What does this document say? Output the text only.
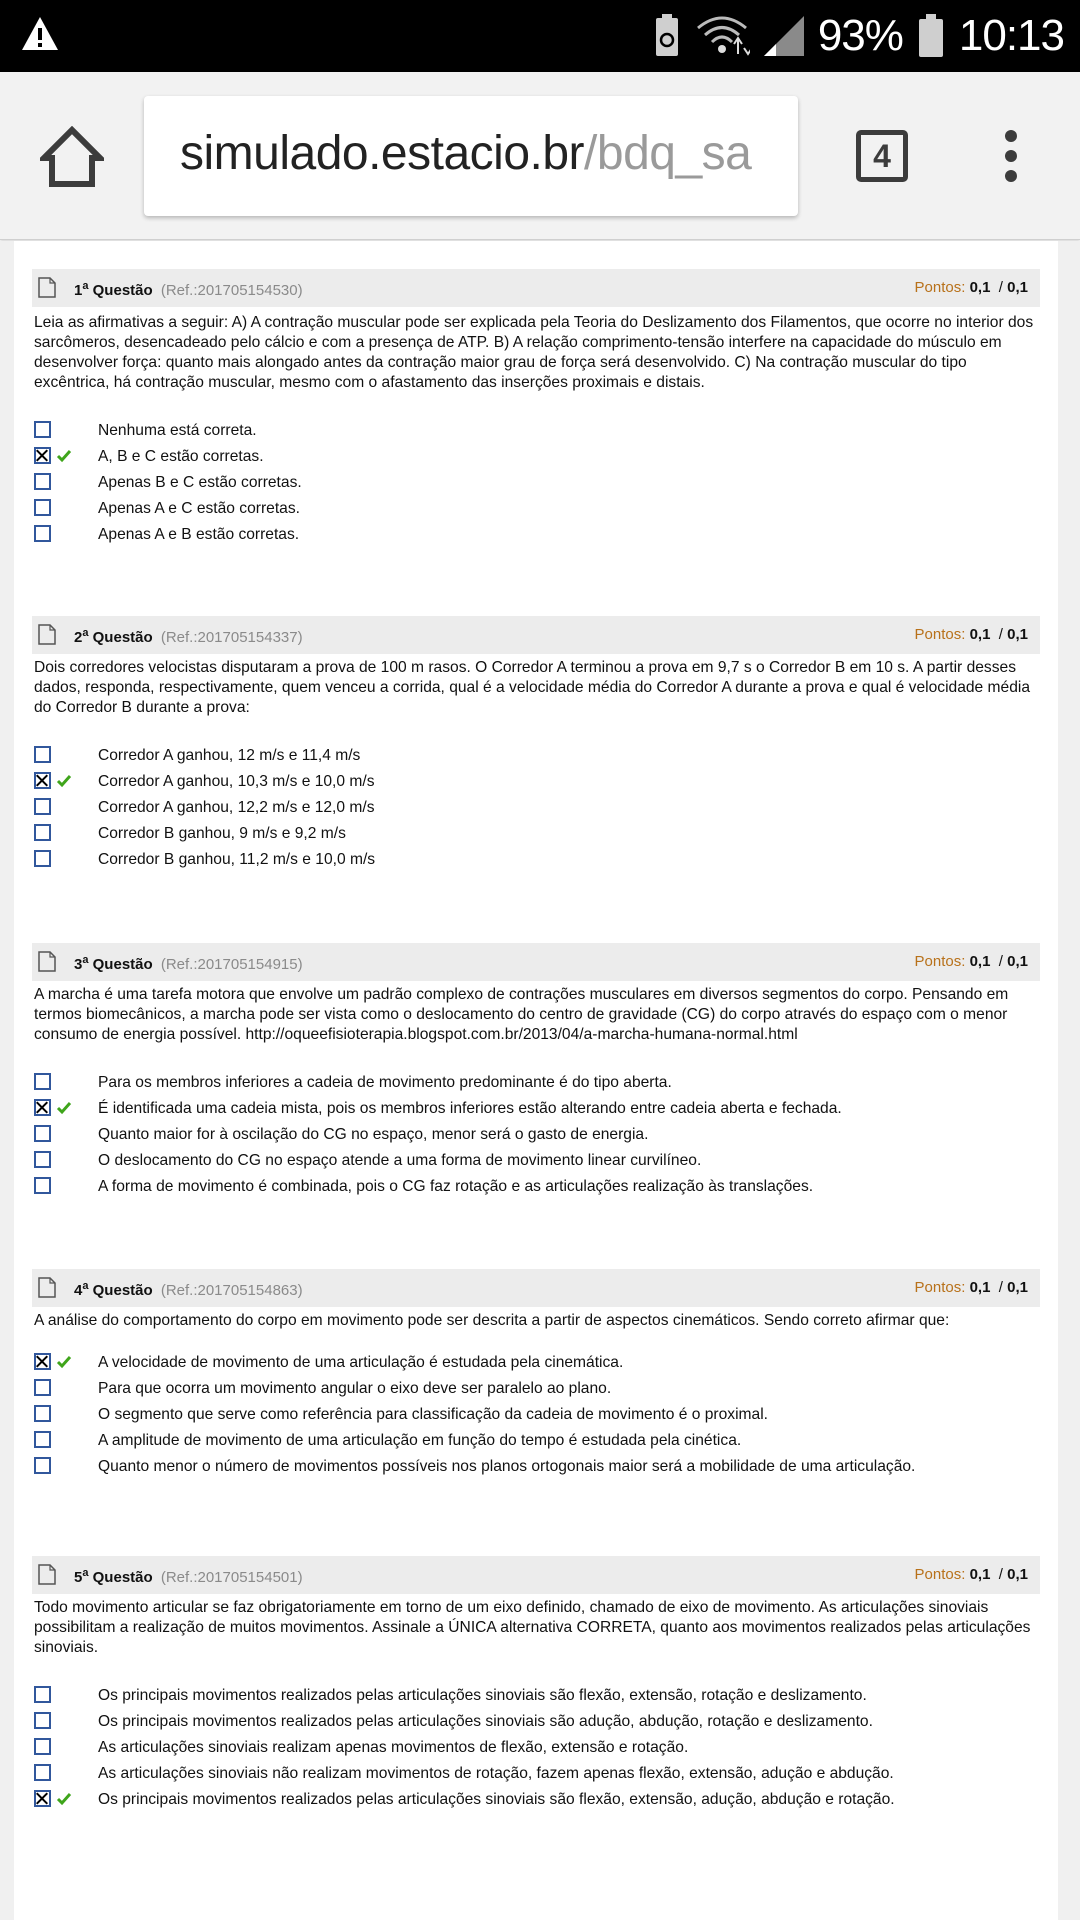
93% 10:13
simulado.estacio.br/bdq_sa	4
1$^a$ Questão (Ref.:201705154530)	Pontos: 0,1 / 0,1
Leia as afirmativas a seguir: A) A contração muscular pode ser explicada pela Teoria do Deslizamento dos Filamentos, que ocorre no interior dos sarcômeros, desencadeado pelo cálcio e com a presença de ATP. B) A relação comprimento-tensão interfere na capacidade do músculo em desenvolver força: quanto mais alongado antes da contração maior grau de força será desenvolvido. C) Na contração muscular do tipo excêntrica, há contração muscular, mesmo com o afastamento das inserções proximais e distais.
Nenhuma está correta.
A, B e C estão corretas.
Apenas B e C estão corretas.
Apenas A e C estão corretas.
Apenas A e B estão corretas.
2$^a$ Questão (Ref.:201705154337)	Pontos: 0,1 / 0,1
Dois corredores velocistas disputaram a prova de 100 m rasos. O Corredor A terminou a prova em 9,7 s o Corredor B em 10 s. A partir desses dados, responda, respectivamente, quem venceu a corrida, qual é a velocidade média do Corredor A durante a prova e qual é velocidade média do Corredor B durante a prova:
Corredor A ganhou, 12 m/s e 11,4 m/s
Corredor A ganhou, 10,3 m/s e 10,0 m/s
Corredor A ganhou, 12,2 m/s e 12,0 m/s
Corredor B ganhou, 9 m/s e 9,2 m/s
Corredor B ganhou, 11,2 m/s e 10,0 m/s
3$^a$ Questão (Ref.:201705154915)	Pontos: 0,1 / 0,1
A marcha é uma tarefa motora que envolve um padrão complexo de contrações musculares em diversos segmentos do corpo. Pensando em termos biomecânicos, a marcha pode ser vista como o deslocamento do centro de gravidade (CG) do corpo através do espaço com o menor consumo de energia possível. http://oqueefisioterapia.blogspot.com.br/2013/04/a-marcha-humana-normal.html
Para os membros inferiores a cadeia de movimento predominante é do tipo aberta.
É identificada uma cadeia mista, pois os membros inferiores estão alterando entre cadeia aberta e fechada.
Quanto maior for à oscilação do CG no espaço, menor será o gasto de energia.
O deslocamento do CG no espaço atende a uma forma de movimento linear curvilíneo.
A forma de movimento é combinada, pois o CG faz rotação e as articulações realização às translações.
4$^a$ Questão (Ref.:201705154863)	Pontos: 0,1 / 0,1
A análise do comportamento do corpo em movimento pode ser descrita a partir de aspectos cinemáticos. Sendo correto afirmar que:
A velocidade de movimento de uma articulação é estudada pela cinemática.
Para que ocorra um movimento angular o eixo deve ser paralelo ao plano.
O segmento que serve como referência para classificação da cadeia de movimento é o proximal.
A amplitude de movimento de uma articulação em função do tempo é estudada pela cinética.
Quanto menor o número de movimentos possíveis nos planos ortogonais maior será a mobilidade de uma articulação.
5$^a$ Questão (Ref.:201705154501)	Pontos: 0,1 / 0,1
Todo movimento articular se faz obrigatoriamente em torno de um eixo definido, chamado de eixo de movimento. As articulações sinoviais possibilitam a realização de muitos movimentos. Assinale a ÚNICA alternativa CORRETA, quanto aos movimentos realizados pelas articulações sinoviais.
Os principais movimentos realizados pelas articulações sinoviais são flexão, extensão, rotação e deslizamento.
Os principais movimentos realizados pelas articulações sinoviais são adução, abdução, rotação e deslizamento.
As articulações sinoviais realizam apenas movimentos de flexão, extensão e rotação.
As articulações sinoviais não realizam movimentos de rotação, fazem apenas flexão, extensão, adução e abdução.
Os principais movimentos realizados pelas articulações sinoviais são flexão, extensão, adução, abdução e rotação.
